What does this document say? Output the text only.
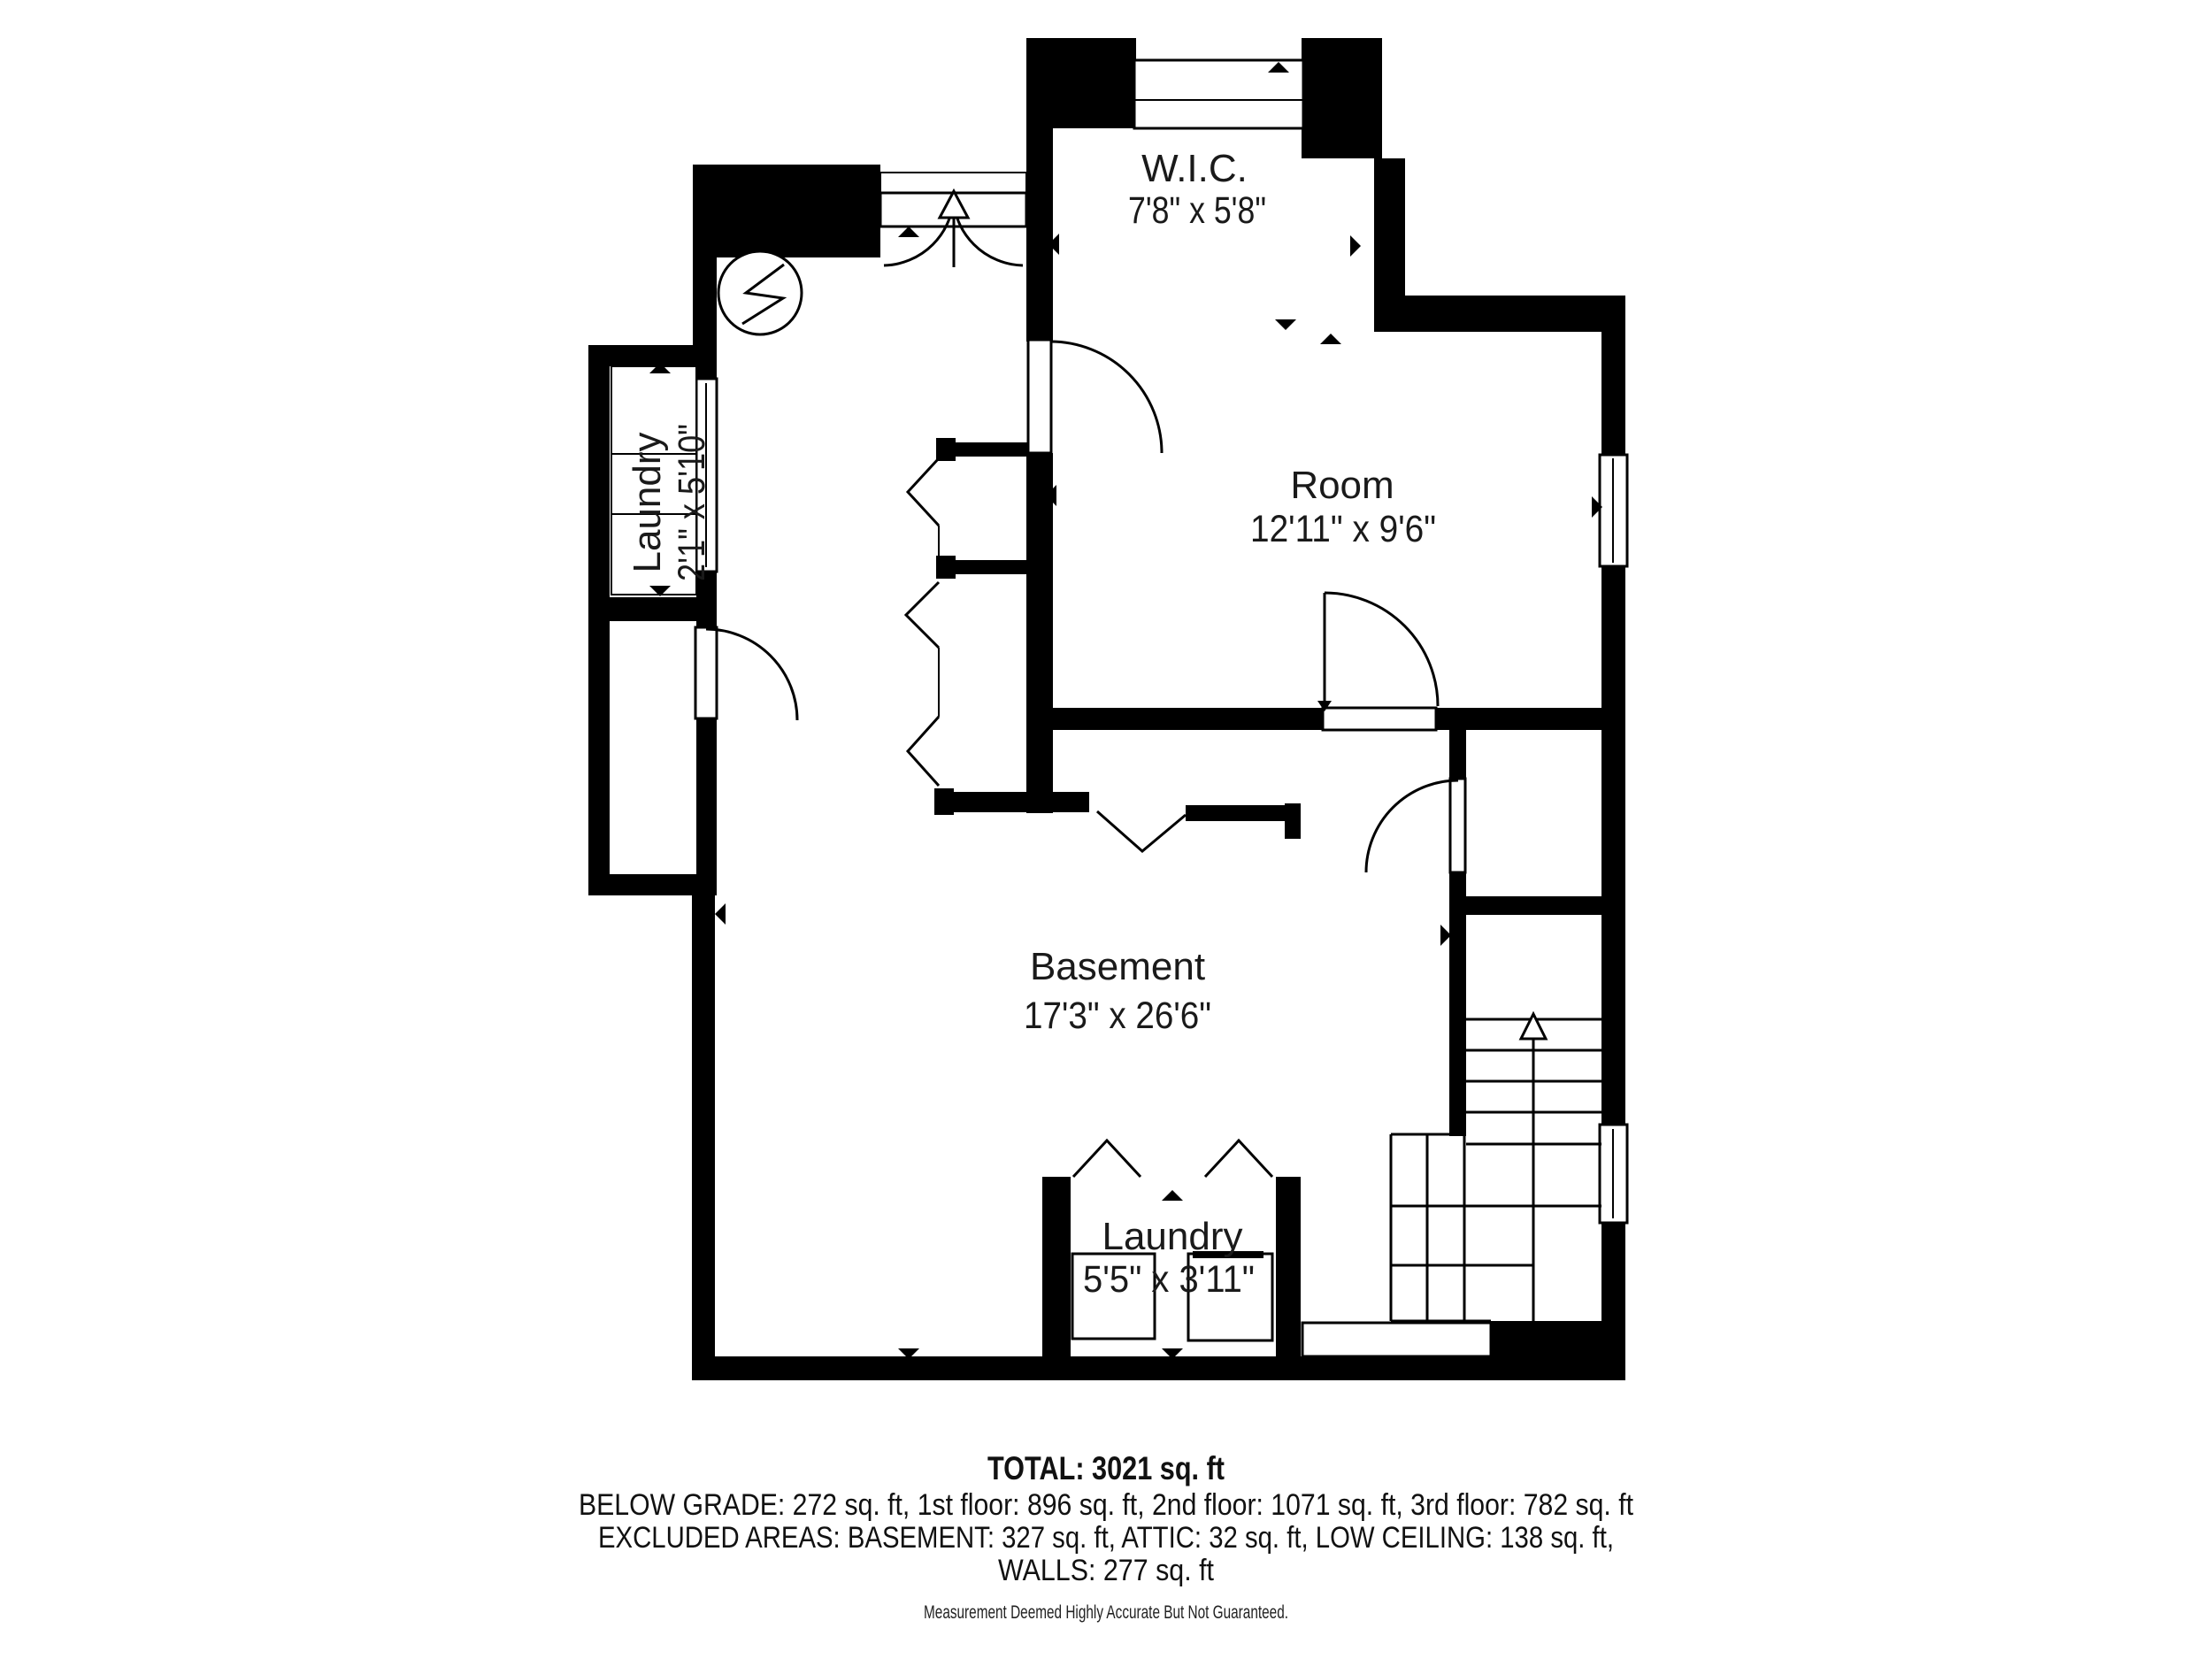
W.I.C.
7'8" x 5'8"
Room
12'11" x 9'6"
Laundry 2'1" x 5'10"
Basement
17'3" x 26'6"
Laundry
5'5" x 3'11"
TOTAL: 3021 sq. ft
BELOW GRADE: 272 sq. ft, 1st floor: 896 sq. ft, 2nd floor: 1071 sq. ft, 3rd floor: 782 sq. ft
EXCLUDED AREAS: BASEMENT: 327 sq. ft, ATTIC: 32 sq. ft, LOW CEILING: 138 sq. ft,
WALLS: 277 sq. ft
Measurement Deemed Highly Accurate But Not Guaranteed.
